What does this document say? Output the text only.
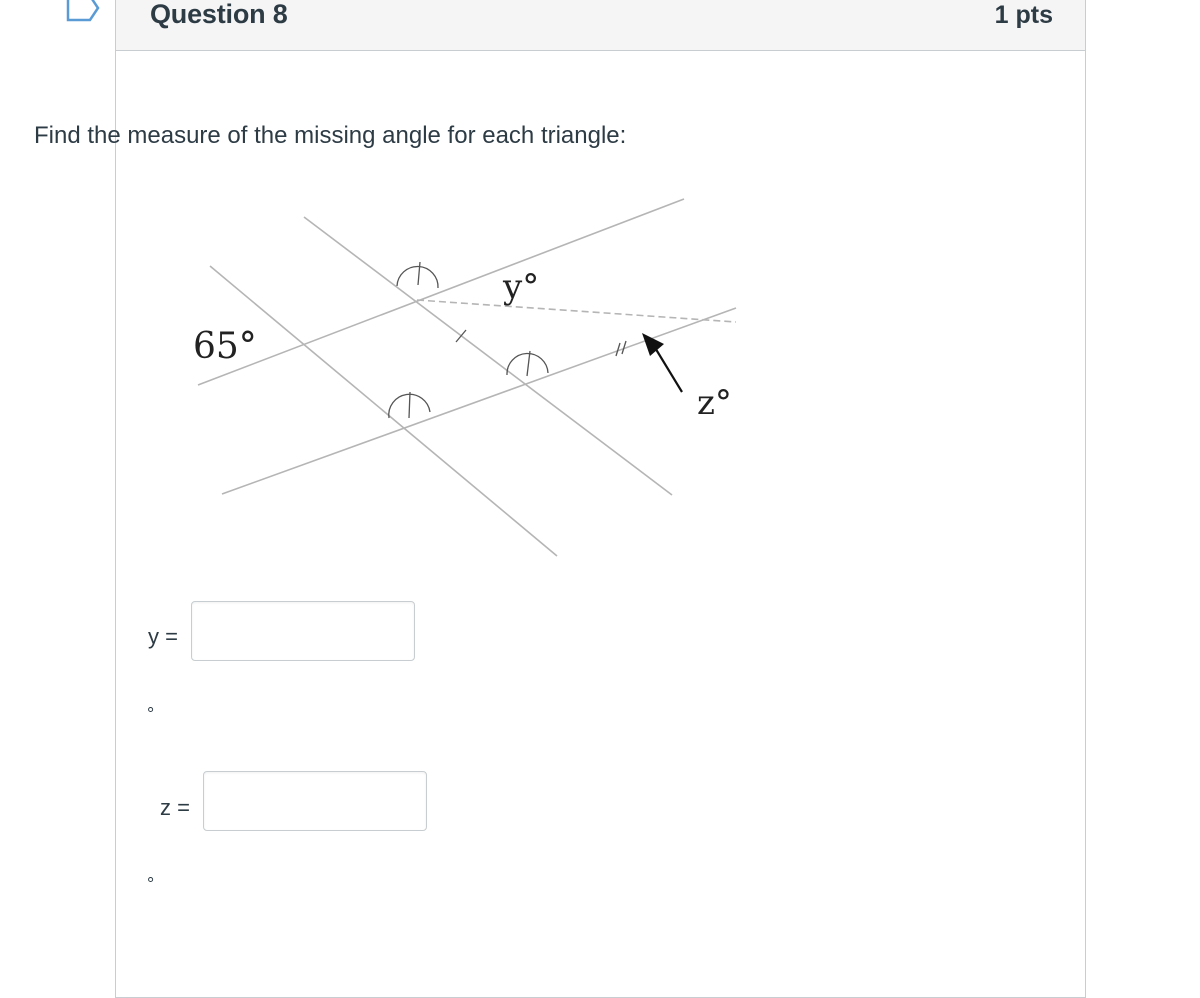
Question 8	1 pts
Find the measure of the missing angle for each triangle:
65°
y°
z°
y =
°
z =
°
